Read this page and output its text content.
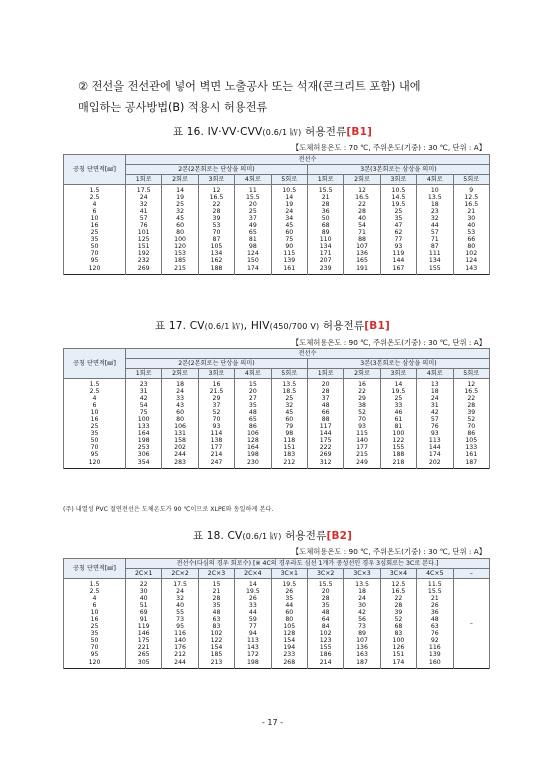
② 전선을 전선관에 넣어 벽면 노출공사 또는 석재(콘크리트 포함) 내에
매입하는 공사방법(B) 적용시 허용전류
표 16. IV·VV·CVV(0.6/1 ㎸) 허용전류[B1]
【도체허용온도 : 70 ℃, 주위온도(기중) : 30 ℃, 단위 : A】
공칭 단면적[㎟]	전선수									
	2본(2본회로는 단상을 의미)					3본(3본회로는 삼상을 의미)				
	1회로	2회로	3회로	4회로	5회로	1회로	2회로	3회로	4회로	5회로
1.5	17.5	14	12	11	10.5	15.5	12	10.5	10	9
2.5	24	19	16.5	15.5	14	21	16.5	14.5	13.5	12.5
4	32	25	22	20	19	28	22	19.5	18	16.5
6	41	32	28	25	24	36	28	25	23	21
10	57	45	39	37	34	50	40	35	32	30
16	76	60	53	49	45	68	54	47	44	40
25	101	80	70	65	60	89	71	62	57	53
35	125	100	87	81	75	110	88	77	71	66
50	151	120	105	98	90	134	107	93	87	80
70	192	153	134	124	115	171	136	119	111	102
95	232	185	162	150	139	207	165	144	134	124
120	269	215	188	174	161	239	191	167	155	143
표 17. CV(0.6/1 ㎸), HIV(450/700 V) 허용전류[B1]
【도체허용온도 : 90 ℃, 주위온도(기중) : 30 ℃, 단위 : A】
공칭 단면적[㎟]	전선수									
	2본(2본회로는 단상을 의미)					3본(3본회로는 삼상을 의미)				
	1회로	2회로	3회로	4회로	5회로	1회로	2회로	3회로	4회로	5회로
1.5	23	18	16	15	13.5	20	16	14	13	12
2.5	31	24	21.5	20	18.5	28	22	19.5	18	16.5
4	42	33	29	27	25	37	29	25	24	22
6	54	43	37	35	32	48	38	33	31	28
10	75	60	52	48	45	66	52	46	42	39
16	100	80	70	65	60	88	70	61	57	52
25	133	106	93	86	79	117	93	81	76	70
35	164	131	114	106	98	144	115	100	93	86
50	198	158	138	128	118	175	140	122	113	105
70	253	202	177	164	151	222	177	155	144	133
95	306	244	214	198	183	269	215	188	174	161
120	354	283	247	230	212	312	249	218	202	187
(주) 내열성 PVC 절연전선은 도체온도가 90 ℃이므로 XLPE와 동일하게 본다.
표 18. CV(0.6/1 ㎸) 허용전류[B2]
【도체허용온도 : 90 ℃, 주위온도(기중) : 30 ℃, 단위 : A】
공칭 단면적[㎟]	전선수(다심의 경우 회로수) [※ 4C의 경우라도 심선 1개가 중성선인 경우 3심회로는 3C로 본다.]									
	2C×1	2C×2	2C×3	2C×4	3C×1	3C×2	3C×3	3C×4	4C×5	–
1.5	22	17.5	15	14	19.5	15.5	13.5	12.5	11.5	–
2.5	30	24	21	19.5	26	20	18	16.5	15.5	
4	40	32	28	26	35	28	24	22	21	
6	51	40	35	33	44	35	30	28	26	
10	69	55	48	44	60	48	42	39	36	
16	91	73	63	59	80	64	56	52	48	
25	119	95	83	77	105	84	73	68	63	
35	146	116	102	94	128	102	89	83	76	
50	175	140	122	113	154	123	107	100	92	
70	221	176	154	143	194	155	136	126	116	
95	265	212	185	172	233	186	163	151	139	
120	305	244	213	198	268	214	187	174	160	
- 17 -
